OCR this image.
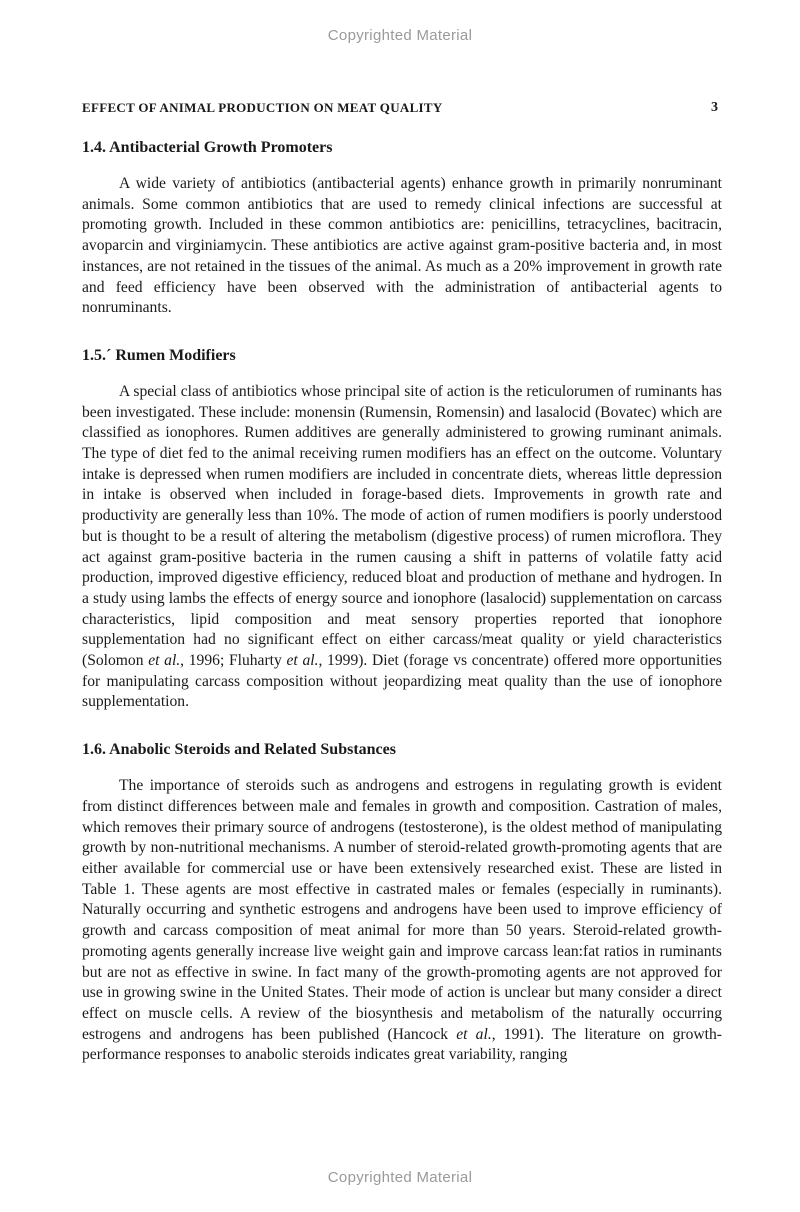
Copyrighted Material
EFFECT OF ANIMAL PRODUCTION ON MEAT QUALITY	3
1.4. Antibacterial Growth Promoters

A wide variety of antibiotics (antibacterial agents) enhance growth in primarily nonruminant animals. Some common antibiotics that are used to remedy clinical infections are successful at promoting growth. Included in these common antibiotics are: penicillins, tetracyclines, bacitracin, avoparcin and virginiamycin. These antibiotics are active against gram-positive bacteria and, in most instances, are not retained in the tissues of the animal. As much as a 20% improvement in growth rate and feed efficiency have been observed with the administration of antibacterial agents to nonruminants.

1.5.´ Rumen Modifiers

A special class of antibiotics whose principal site of action is the reticulorumen of ruminants has been investigated. These include: monensin (Rumensin, Romensin) and lasalocid (Bovatec) which are classified as ionophores. Rumen additives are generally administered to growing ruminant animals. The type of diet fed to the animal receiving rumen modifiers has an effect on the outcome. Voluntary intake is depressed when rumen modifiers are included in concentrate diets, whereas little depression in intake is observed when included in forage-based diets. Improvements in growth rate and productivity are generally less than 10%. The mode of action of rumen modifiers is poorly understood but is thought to be a result of altering the metabolism (digestive process) of rumen microflora. They act against gram-positive bacteria in the rumen causing a shift in patterns of volatile fatty acid production, improved digestive efficiency, reduced bloat and production of methane and hydrogen. In a study using lambs the effects of energy source and ionophore (lasalocid) supplementation on carcass characteristics, lipid composition and meat sensory properties reported that ionophore supplementation had no significant effect on either carcass/meat quality or yield characteristics (Solomon et al., 1996; Fluharty et al., 1999). Diet (forage vs concentrate) offered more opportunities for manipulating carcass composition without jeopardizing meat quality than the use of ionophore supplementation.

1.6. Anabolic Steroids and Related Substances

The importance of steroids such as androgens and estrogens in regulating growth is evident from distinct differences between male and females in growth and composition. Castration of males, which removes their primary source of androgens (testosterone), is the oldest method of manipulating growth by non-nutritional mechanisms. A number of steroid-related growth-promoting agents that are either available for commercial use or have been extensively researched exist. These are listed in Table 1. These agents are most effective in castrated males or females (especially in ruminants). Naturally occurring and synthetic estrogens and androgens have been used to improve efficiency of growth and carcass composition of meat animal for more than 50 years. Steroid-related growth-promoting agents generally increase live weight gain and improve carcass lean:fat ratios in ruminants but are not as effective in swine. In fact many of the growth-promoting agents are not approved for use in growing swine in the United States. Their mode of action is unclear but many consider a direct effect on muscle cells. A review of the biosynthesis and metabolism of the naturally occurring estrogens and androgens has been published (Hancock et al., 1991). The literature on growth-performance responses to anabolic steroids indicates great variability, ranging

Copyrighted Material
